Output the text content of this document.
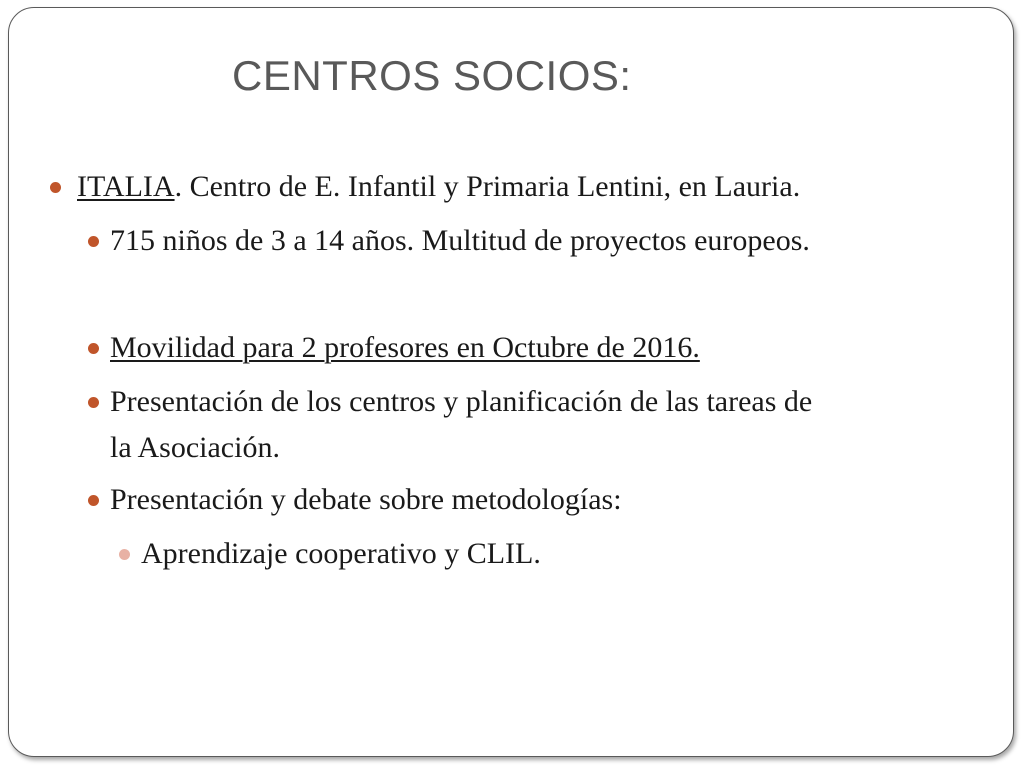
CENTROS SOCIOS:
ITALIA. Centro de E. Infantil y Primaria Lentini, en Lauria.
715 niños de 3 a 14 años. Multitud de proyectos europeos.
Movilidad para 2 profesores en Octubre de 2016.
Presentación de los centros y planificación de las tareas de
la Asociación.
Presentación y debate sobre metodologías:
Aprendizaje cooperativo y CLIL.
